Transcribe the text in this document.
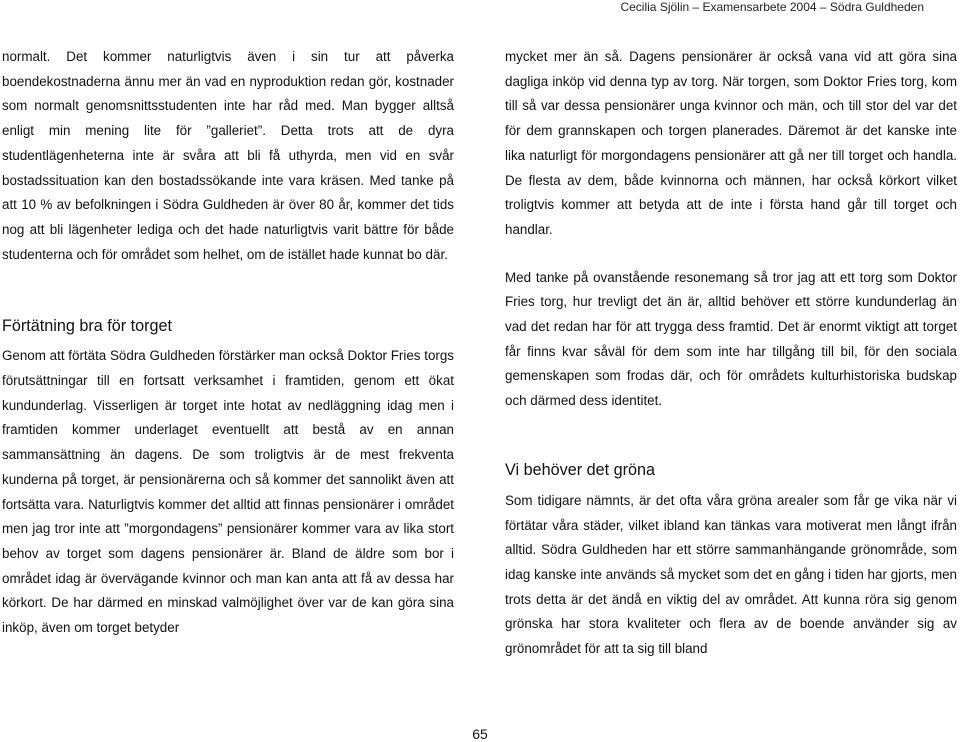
Cecilia Sjölin – Examensarbete 2004 – Södra Guldheden

normalt. Det kommer naturligtvis även i sin tur att påverka boendekostnaderna ännu mer än vad en nyproduktion redan gör, kostnader som normalt genomsnittsstudenten inte har råd med. Man bygger alltså enligt min mening lite för ”galleriet”. Detta trots att de dyra studentlägenheterna inte är svåra att bli få uthyrda, men vid en svår bostadssituation kan den bostadssökande inte vara kräsen. Med tanke på att 10 % av befolkningen i Södra Guldheden är över 80 år, kommer det tids nog att bli lägenheter lediga och det hade naturligtvis varit bättre för både studenterna och för området som helhet, om de istället hade kunnat bo där.

Förtätning bra för torget

Genom att förtäta Södra Guldheden förstärker man också Doktor Fries torgs förutsättningar till en fortsatt verksamhet i framtiden, genom ett ökat kundunderlag. Visserligen är torget inte hotat av nedläggning idag men i framtiden kommer underlaget eventuellt att bestå av en annan sammansättning än dagens. De som troligtvis är de mest frekventa kunderna på torget, är pensionärerna och så kommer det sannolikt även att fortsätta vara. Naturligtvis kommer det alltid att finnas pensionärer i området men jag tror inte att ”morgondagens” pensionärer kommer vara av lika stort behov av torget som dagens pensionärer är. Bland de äldre som bor i området idag är övervägande kvinnor och man kan anta att få av dessa har körkort. De har därmed en minskad valmöjlighet över var de kan göra sina inköp, även om torget betyder

mycket mer än så. Dagens pensionärer är också vana vid att göra sina dagliga inköp vid denna typ av torg. När torgen, som Doktor Fries torg, kom till så var dessa pensionärer unga kvinnor och män, och till stor del var det för dem grannskapen och torgen planerades. Däremot är det kanske inte lika naturligt för morgondagens pensionärer att gå ner till torget och handla. De flesta av dem, både kvinnorna och männen, har också körkort vilket troligtvis kommer att betyda att de inte i första hand går till torget och handlar.

Med tanke på ovanstående resonemang så tror jag att ett torg som Doktor Fries torg, hur trevligt det än är, alltid behöver ett större kundunderlag än vad det redan har för att trygga dess framtid. Det är enormt viktigt att torget får finns kvar såväl för dem som inte har tillgång till bil, för den sociala gemenskapen som frodas där, och för områdets kulturhistoriska budskap och därmed dess identitet.

Vi behöver det gröna

Som tidigare nämnts, är det ofta våra gröna arealer som får ge vika när vi förtätar våra städer, vilket ibland kan tänkas vara motiverat men långt ifrån alltid. Södra Guldheden har ett större sammanhängande grönområde, som idag kanske inte används så mycket som det en gång i tiden har gjorts, men trots detta är det ändå en viktig del av området. Att kunna röra sig genom grönska har stora kvaliteter och flera av de boende använder sig av grönområdet för att ta sig till bland

65
